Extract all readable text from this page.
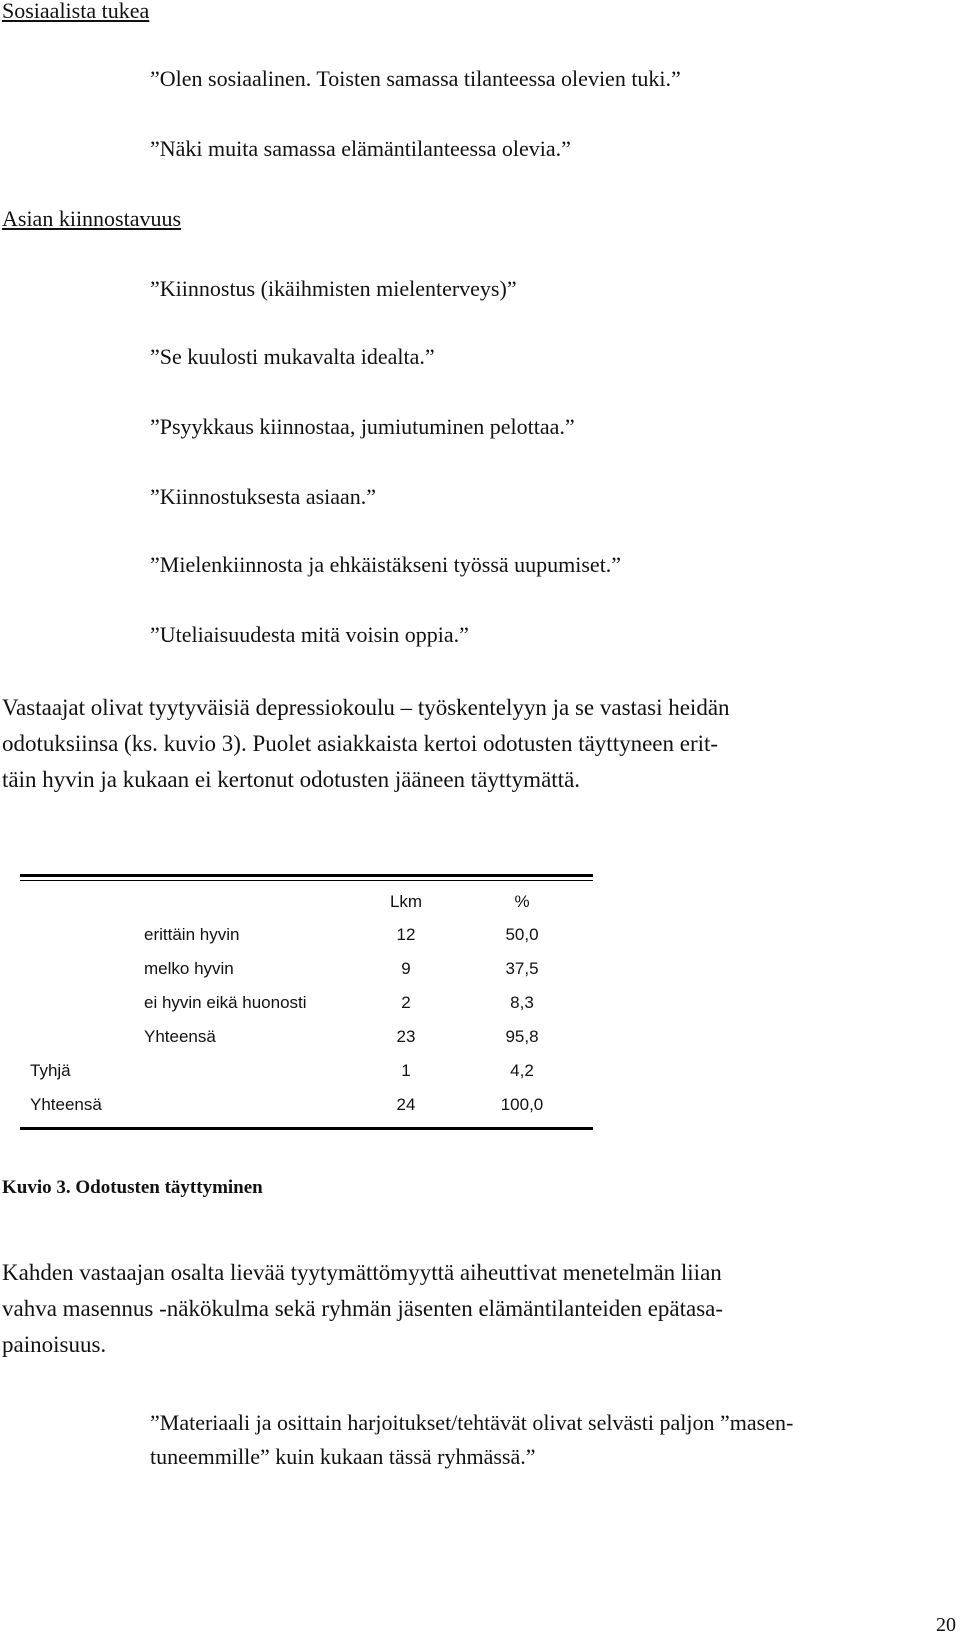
Sosiaalista tukea
”Olen sosiaalinen. Toisten samassa tilanteessa olevien tuki.”
”Näki muita samassa elämäntilanteessa olevia.”
Asian kiinnostavuus
”Kiinnostus (ikäihmisten mielenterveys)”
”Se kuulosti mukavalta idealta.”
”Psyykkaus kiinnostaa, jumiutuminen pelottaa.”
”Kiinnostuksesta asiaan.”
”Mielenkiinnosta ja ehkäistäkseni työssä uupumiset.”
”Uteliaisuudesta mitä voisin oppia.”
Vastaajat olivat tyytyväisiä depressiokoulu – työskentelyyn ja se vastasi heidän
odotuksiinsa (ks. kuvio 3). Puolet asiakkaista kertoi odotusten täyttyneen erit-
täin hyvin ja kukaan ei kertonut odotusten jääneen täyttymättä.
Lkm	%
erittäin hyvin	12	50,0
melko hyvin	9	37,5
ei hyvin eikä huonosti	2	8,3
Yhteensä	23	95,8
Tyhjä	1	4,2
Yhteensä	24	100,0
Kuvio 3. Odotusten täyttyminen
Kahden vastaajan osalta lievää tyytymättömyyttä aiheuttivat menetelmän liian
vahva masennus -näkökulma sekä ryhmän jäsenten elämäntilanteiden epätasa-
painoisuus.
”Materiaali ja osittain harjoitukset/tehtävät olivat selvästi paljon ”masen-
tuneemmille” kuin kukaan tässä ryhmässä.”
20
